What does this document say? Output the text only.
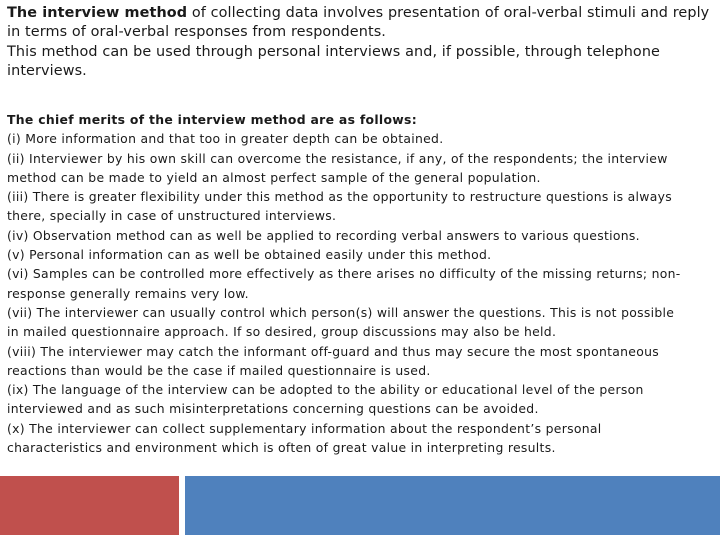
The interview method of collecting data involves presentation of oral-verbal stimuli and reply in terms of oral-verbal responses from respondents.

This method can be used through personal interviews and, if possible, through telephone interviews.

The chief merits of the interview method are as follows:

(i) More information and that too in greater depth can be obtained.

(ii) Interviewer by his own skill can overcome the resistance, if any, of the respondents; the interview method can be made to yield an almost perfect sample of the general population.

(iii) There is greater flexibility under this method as the opportunity to restructure questions is always there, specially in case of unstructured interviews.

(iv) Observation method can as well be applied to recording verbal answers to various questions.

(v) Personal information can as well be obtained easily under this method.

(vi) Samples can be controlled more effectively as there arises no difficulty of the missing returns; non-response generally remains very low.

(vii) The interviewer can usually control which person(s) will answer the questions. This is not possible in mailed questionnaire approach. If so desired, group discussions may also be held.

(viii) The interviewer may catch the informant off-guard and thus may secure the most spontaneous reactions than would be the case if mailed questionnaire is used.

(ix) The language of the interview can be adopted to the ability or educational level of the person interviewed and as such misinterpretations concerning questions can be avoided.

(x) The interviewer can collect supplementary information about the respondent’s personal characteristics and environment which is often of great value in interpreting results.
